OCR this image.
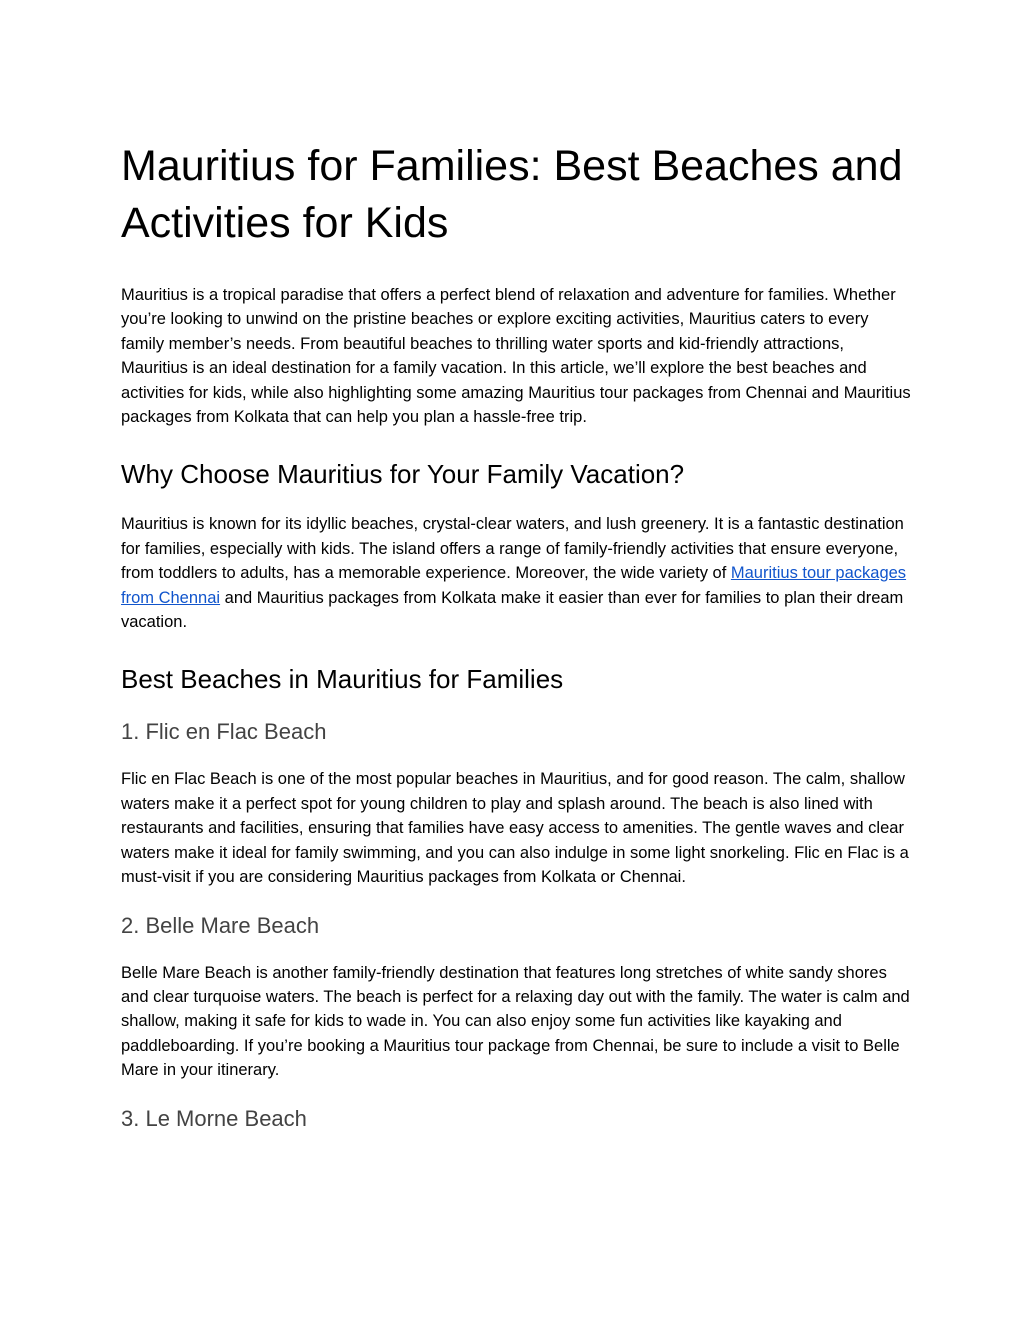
Mauritius for Families: Best Beaches and Activities for Kids

Mauritius is a tropical paradise that offers a perfect blend of relaxation and adventure for families. Whether you’re looking to unwind on the pristine beaches or explore exciting activities, Mauritius caters to every family member’s needs. From beautiful beaches to thrilling water sports and kid-friendly attractions, Mauritius is an ideal destination for a family vacation. In this article, we’ll explore the best beaches and activities for kids, while also highlighting some amazing Mauritius tour packages from Chennai and Mauritius packages from Kolkata that can help you plan a hassle-free trip.

Why Choose Mauritius for Your Family Vacation?

Mauritius is known for its idyllic beaches, crystal-clear waters, and lush greenery. It is a fantastic destination for families, especially with kids. The island offers a range of family-friendly activities that ensure everyone, from toddlers to adults, has a memorable experience. Moreover, the wide variety of Mauritius tour packages from Chennai and Mauritius packages from Kolkata make it easier than ever for families to plan their dream vacation.

Best Beaches in Mauritius for Families
1. Flic en Flac Beach

Flic en Flac Beach is one of the most popular beaches in Mauritius, and for good reason. The calm, shallow waters make it a perfect spot for young children to play and splash around. The beach is also lined with restaurants and facilities, ensuring that families have easy access to amenities. The gentle waves and clear waters make it ideal for family swimming, and you can also indulge in some light snorkeling. Flic en Flac is a must-visit if you are considering Mauritius packages from Kolkata or Chennai.

2. Belle Mare Beach

Belle Mare Beach is another family-friendly destination that features long stretches of white sandy shores and clear turquoise waters. The beach is perfect for a relaxing day out with the family. The water is calm and shallow, making it safe for kids to wade in. You can also enjoy some fun activities like kayaking and paddleboarding. If you’re booking a Mauritius tour package from Chennai, be sure to include a visit to Belle Mare in your itinerary.

3. Le Morne Beach
